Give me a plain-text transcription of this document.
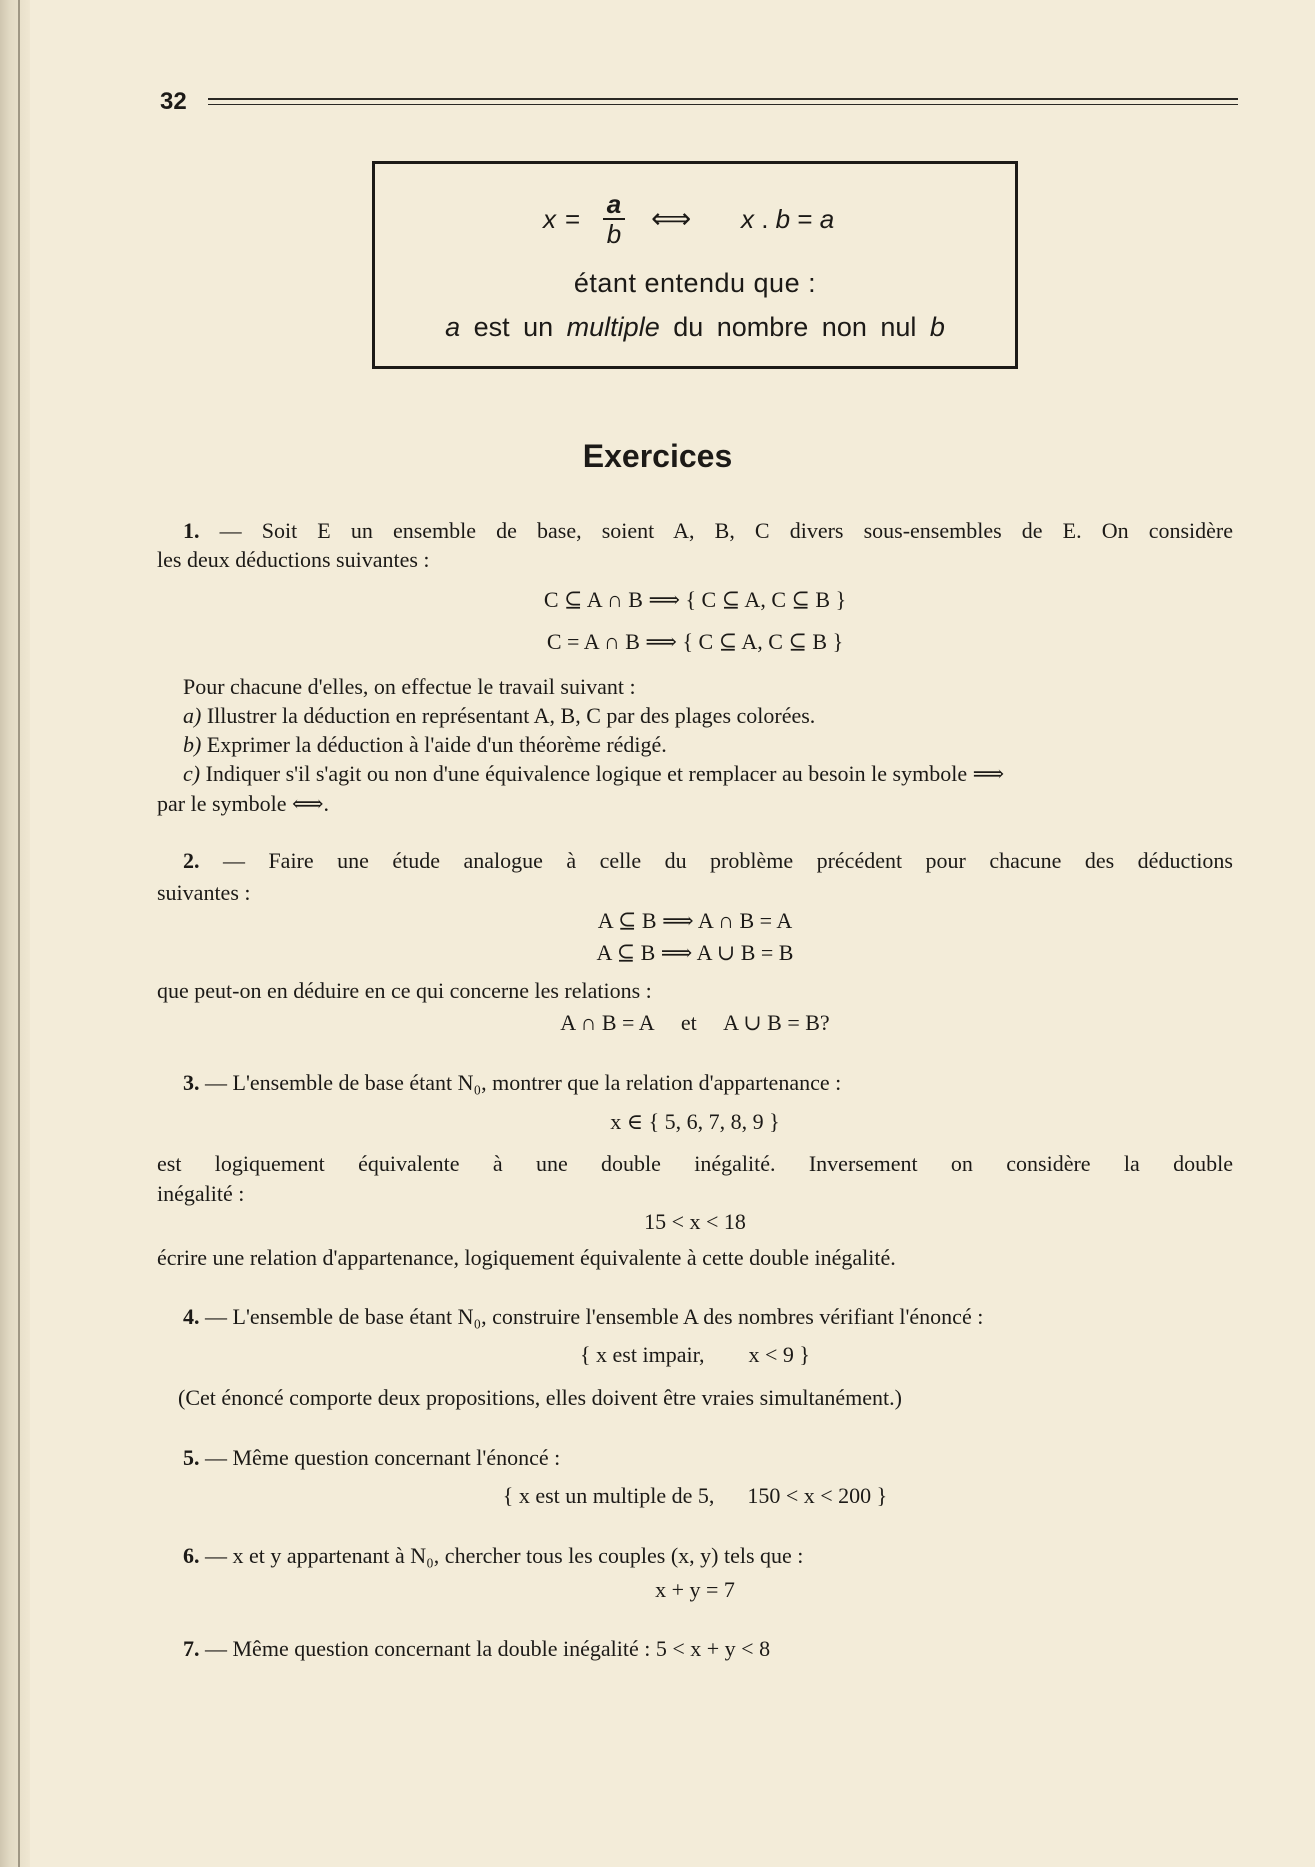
32
x = a
b ⟺ x . b = a
étant entendu que :
a est un multiple du nombre non nul b
Exercices
1. — Soit E un ensemble de base, soient A, B, C divers sous-ensembles de E. On considère
les deux déductions suivantes :
C ⊆ A ∩ B ⟹ { C ⊆ A, C ⊆ B }
C = A ∩ B ⟹ { C ⊆ A, C ⊆ B }
Pour chacune d'elles, on effectue le travail suivant :
a) Illustrer la déduction en représentant A, B, C par des plages colorées.
b) Exprimer la déduction à l'aide d'un théorème rédigé.
c) Indiquer s'il s'agit ou non d'une équivalence logique et remplacer au besoin le symbole ⟹
par le symbole ⟺.
2. — Faire une étude analogue à celle du problème précédent pour chacune des déductions
suivantes :
A ⊆ B ⟹ A ∩ B = A
A ⊆ B ⟹ A ∪ B = B
que peut-on en déduire en ce qui concerne les relations :
A ∩ B = A     et     A ∪ B = B?
3. — L'ensemble de base étant N₀, montrer que la relation d'appartenance :
x ∈ { 5, 6, 7, 8, 9 }
est logiquement équivalente à une double inégalité. Inversement on considère la double
inégalité :
15 < x < 18
écrire une relation d'appartenance, logiquement équivalente à cette double inégalité.
4. — L'ensemble de base étant N₀, construire l'ensemble A des nombres vérifiant l'énoncé :
{ x est impair,        x < 9 }
(Cet énoncé comporte deux propositions, elles doivent être vraies simultanément.)
5. — Même question concernant l'énoncé :
{ x est un multiple de 5,      150 < x < 200 }
6. — x et y appartenant à N₀, chercher tous les couples (x, y) tels que :
x + y = 7
7. — Même question concernant la double inégalité : 5 < x + y < 8
